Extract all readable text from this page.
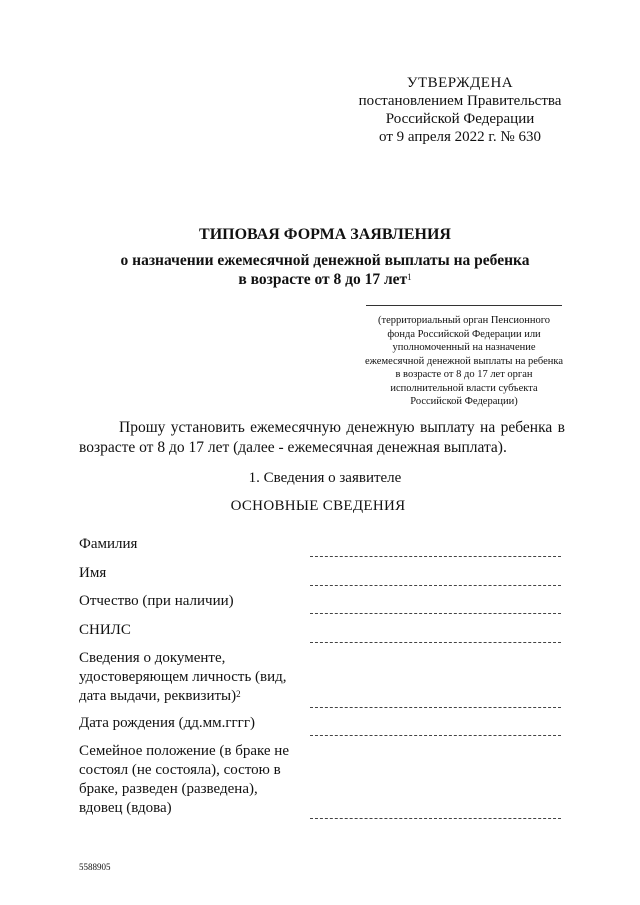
УТВЕРЖДЕНА
постановлением Правительства
Российской Федерации
от 9 апреля 2022 г. № 630
ТИПОВАЯ ФОРМА ЗАЯВЛЕНИЯ
о назначении ежемесячной денежной выплаты на ребенка
в возрасте от 8 до 17 лет$^1$
(территориальный орган Пенсионного фонда Российской Федерации или уполномоченный на назначение ежемесячной денежной выплаты на ребенка в возрасте от 8 до 17 лет орган исполнительной власти субъекта Российской Федерации)
Прошу установить ежемесячную денежную выплату на ребенка в возрасте от 8 до 17 лет (далее - ежемесячная денежная выплата).
1. Сведения о заявителе
ОСНОВНЫЕ СВЕДЕНИЯ
Фамилия
Имя
Отчество (при наличии)
СНИЛС
Сведения о документе, удостоверяющем личность (вид, дата выдачи, реквизиты)$^2$
Дата рождения (дд.мм.гггг)
Семейное положение (в браке не состоял (не состояла), состою в браке, разведен (разведена), вдовец (вдова)
5588905
